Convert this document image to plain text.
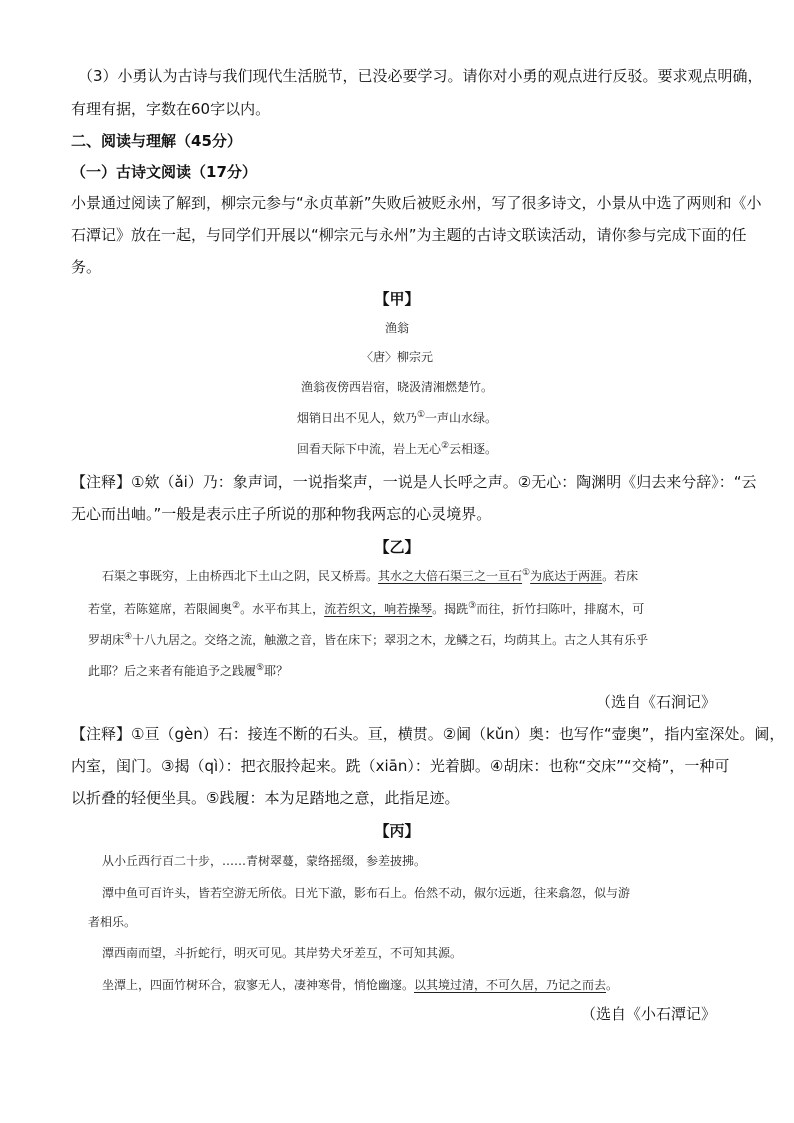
（3）小勇认为古诗与我们现代生活脱节，已没必要学习。请你对小勇的观点进行反驳。要求观点明确，
有理有据，字数在60字以内。
二、阅读与理解（45分）
（一）古诗文阅读（17分）
小景通过阅读了解到，柳宗元参与“永贞革新”失败后被贬永州，写了很多诗文，小景从中选了两则和《小
石潭记》放在一起，与同学们开展以“柳宗元与永州”为主题的古诗文联读活动，请你参与完成下面的任
务。
【甲】
渔翁
〈唐〉柳宗元
渔翁夜傍西岩宿，晓汲清湘燃楚竹。
烟销日出不见人，欸乃①一声山水绿。
回看天际下中流，岩上无心②云相逐。
【注释】①欸（ǎi）乃：象声词，一说指桨声，一说是人长呼之声。②无心：陶渊明《归去来兮辞》：“云
无心而出岫。”一般是表示庄子所说的那种物我两忘的心灵境界。
【乙】
石渠之事既穷，上由桥西北下土山之阴，民又桥焉。其水之大倍石渠三之一亘石①为底达于两涯。若床
若堂，若陈筵席，若限阃奥②。水平布其上，流若织文，响若操琴。揭跣③而往，折竹扫陈叶，排腐木，可
罗胡床④十八九居之。交络之流，触激之音，皆在床下；翠羽之木，龙鳞之石，均荫其上。古之人其有乐乎
此耶？后之来者有能追予之践履⑤耶？
（选自《石涧记》
【注释】①亘（gèn）石：接连不断的石头。亘，横贯。②阃（kǔn）奥：也写作“壸奥”，指内室深处。阃，
内室，闺门。③揭（qì）：把衣服拎起来。跣（xiān）：光着脚。④胡床：也称“交床”“交椅”，一种可
以折叠的轻便坐具。⑤践履：本为足踏地之意，此指足迹。
【丙】
从小丘西行百二十步，……青树翠蔓，蒙络摇缀，参差披拂。
潭中鱼可百许头，皆若空游无所依。日光下澈，影布石上。佁然不动，俶尔远逝，往来翕忽，似与游
者相乐。
潭西南而望，斗折蛇行，明灭可见。其岸势犬牙差互，不可知其源。
坐潭上，四面竹树环合，寂寥无人，凄神寒骨，悄怆幽邃。以其境过清，不可久居，乃记之而去。
（选自《小石潭记》
